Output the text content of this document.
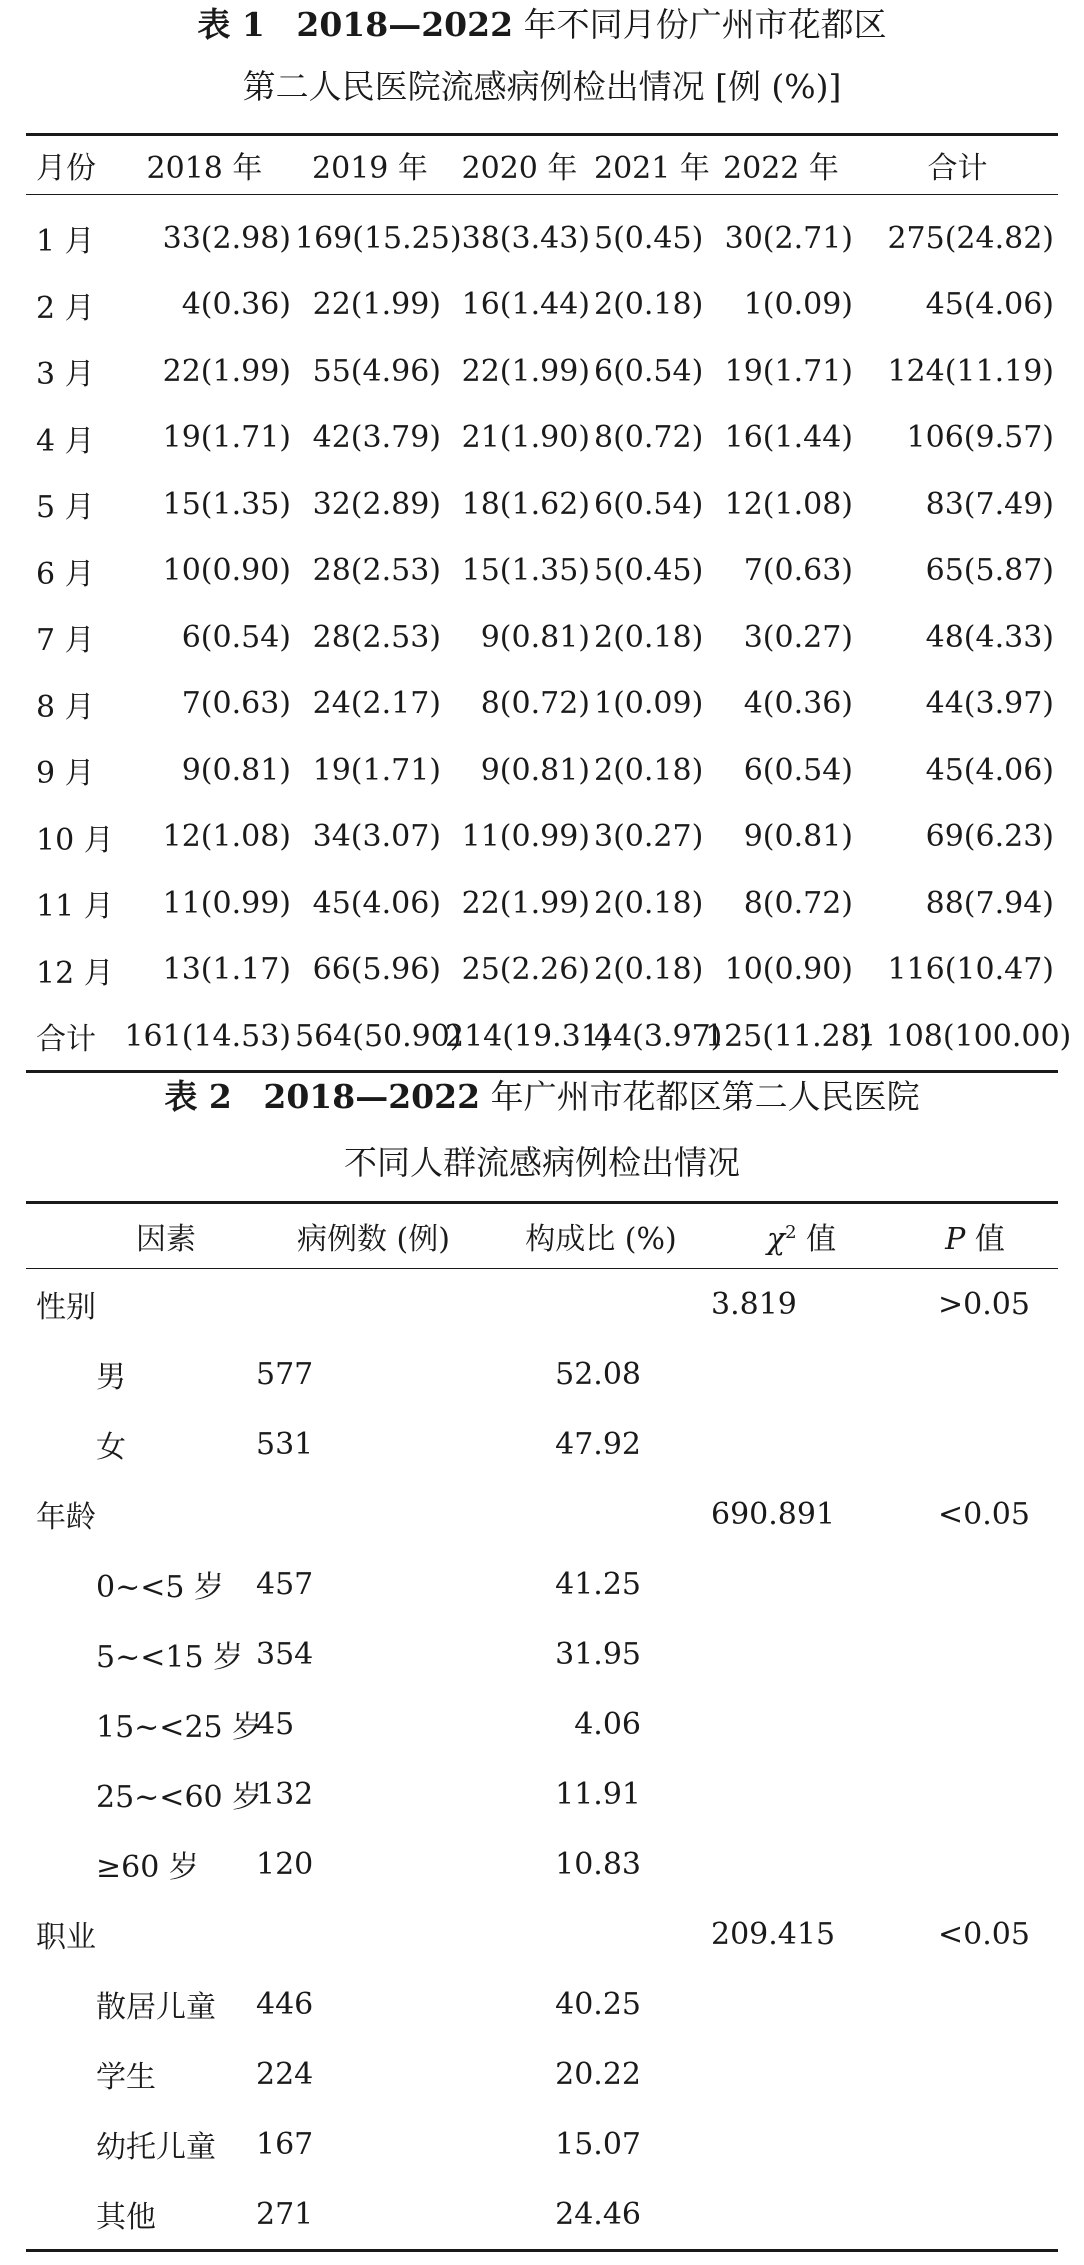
表 1 2018—2022 年不同月份广州市花都区
第二人民医院流感病例检出情况 [例 (%)]
月份	2018 年	2019 年	2020 年	2021 年	2022 年	合计
1 月	33(2.98)	169(15.25)	38(3.43)	5(0.45)	30(2.71)	275(24.82)
2 月	4(0.36)	22(1.99)	16(1.44)	2(0.18)	1(0.09)	45(4.06)
3 月	22(1.99)	55(4.96)	22(1.99)	6(0.54)	19(1.71)	124(11.19)
4 月	19(1.71)	42(3.79)	21(1.90)	8(0.72)	16(1.44)	106(9.57)
5 月	15(1.35)	32(2.89)	18(1.62)	6(0.54)	12(1.08)	83(7.49)
6 月	10(0.90)	28(2.53)	15(1.35)	5(0.45)	7(0.63)	65(5.87)
7 月	6(0.54)	28(2.53)	9(0.81)	2(0.18)	3(0.27)	48(4.33)
8 月	7(0.63)	24(2.17)	8(0.72)	1(0.09)	4(0.36)	44(3.97)
9 月	9(0.81)	19(1.71)	9(0.81)	2(0.18)	6(0.54)	45(4.06)
10 月	12(1.08)	34(3.07)	11(0.99)	3(0.27)	9(0.81)	69(6.23)
11 月	11(0.99)	45(4.06)	22(1.99)	2(0.18)	8(0.72)	88(7.94)
12 月	13(1.17)	66(5.96)	25(2.26)	2(0.18)	10(0.90)	116(10.47)
合计	161(14.53)	564(50.90)	214(19.31)	44(3.97)	125(11.28)	1 108(100.00)
表 2 2018—2022 年广州市花都区第二人民医院
不同人群流感病例检出情况
因素	病例数 (例)	构成比 (%)	$\chi^2$ 值	P 值
性别			3.819	>0.05
男	577	52.08		
女	531	47.92		
年龄			690.891	<0.05
0~<5 岁	457	41.25		
5~<15 岁	354	31.95		
15~<25 岁	45	4.06		
25~<60 岁	132	11.91		
≥60 岁	120	10.83		
职业			209.415	<0.05
散居儿童	446	40.25		
学生	224	20.22		
幼托儿童	167	15.07		
其他	271	24.46		
